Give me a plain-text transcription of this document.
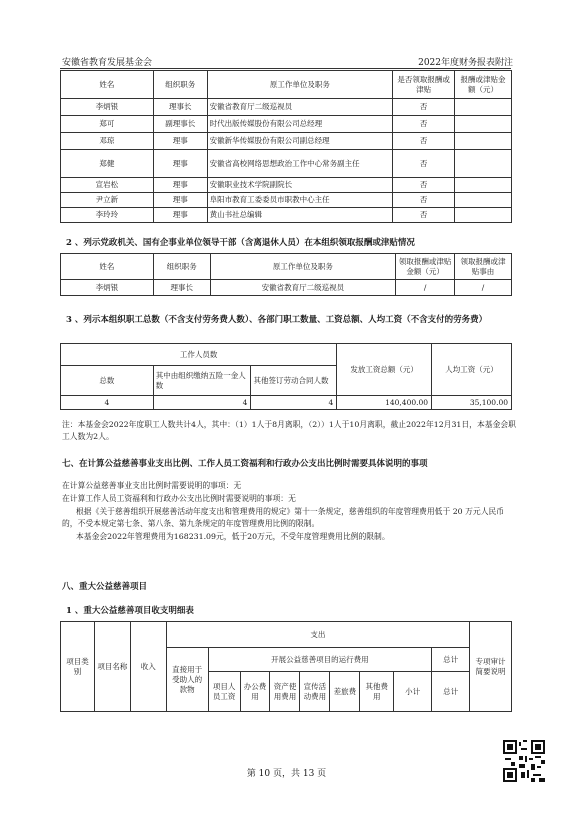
安徽省教育发展基金会	2022年度财务报表附注
姓名	组织职务	原工作单位及职务	是否领取报酬或津贴	报酬或津贴金额（元）
李炳银	理事长	安徽省教育厅二级巡视员	否	
郑可	副理事长	时代出版传媒股份有限公司总经理	否	
邓琼	理事	安徽新华传媒股份有限公司副总经理	否	
郑健	理事	安徽省高校网络思想政治工作中心常务副主任	否	
宣岩松	理事	安徽职业技术学院副院长	否	
尹立新	理事	阜阳市教育工委委员市职教中心主任	否	
李玲玲	理事	黄山书社总编辑	否	
2 、列示党政机关、国有企事业单位领导干部（含离退休人员）在本组织领取报酬或津贴情况
姓名	组织职务	原工作单位及职务	领取报酬或津贴金额（元）	领取报酬或津贴事由
李炳银	理事长	安徽省教育厅二级巡视员	/	/
3 、列示本组织职工总数（不含支付劳务费人数）、各部门职工数量、工资总额、人均工资（不含支付的劳务费）
工作人员数			发放工资总额（元）	人均工资（元）
总数	其中由组织缴纳五险一金人数	其他签订劳动合同人数		
4	4	4	140,400.00	35,100.00
注：本基金会2022年度职工人数共计4人，其中：（1）1人于8月离职，（2））1人于10月离职，截止2022年12月31日，本基金会职工人数为2人。
七、在计算公益慈善事业支出比例、工作人员工资福利和行政办公支出比例时需要具体说明的事项
在计算公益慈善事业支出比例时需要说明的事项：无
在计算工作人员工资福利和行政办公支出比例时需要说明的事项：无
根据《关于慈善组织开展慈善活动年度支出和管理费用的规定》第十一条规定，慈善组织的年度管理费用低于 20 万元人民币的，不受本规定第七条、第八条、第九条规定的年度管理费用比例的限制。
本基金会2022年管理费用为168231.09元，低于20万元，不受年度管理费用比例的限制。
八、重大公益慈善项目
1 、重大公益慈善项目收支明细表
项目类别	项目名称	收入	支出									专项审计简要说明
			直接用于受助人的款物	开展公益慈善项目的运行费用							总计	
				项目人员工资	办公费用	资产使用费用	宣传活动费用	差旅费	其他费用	小计	总计	
第 10 页，共 13 页
